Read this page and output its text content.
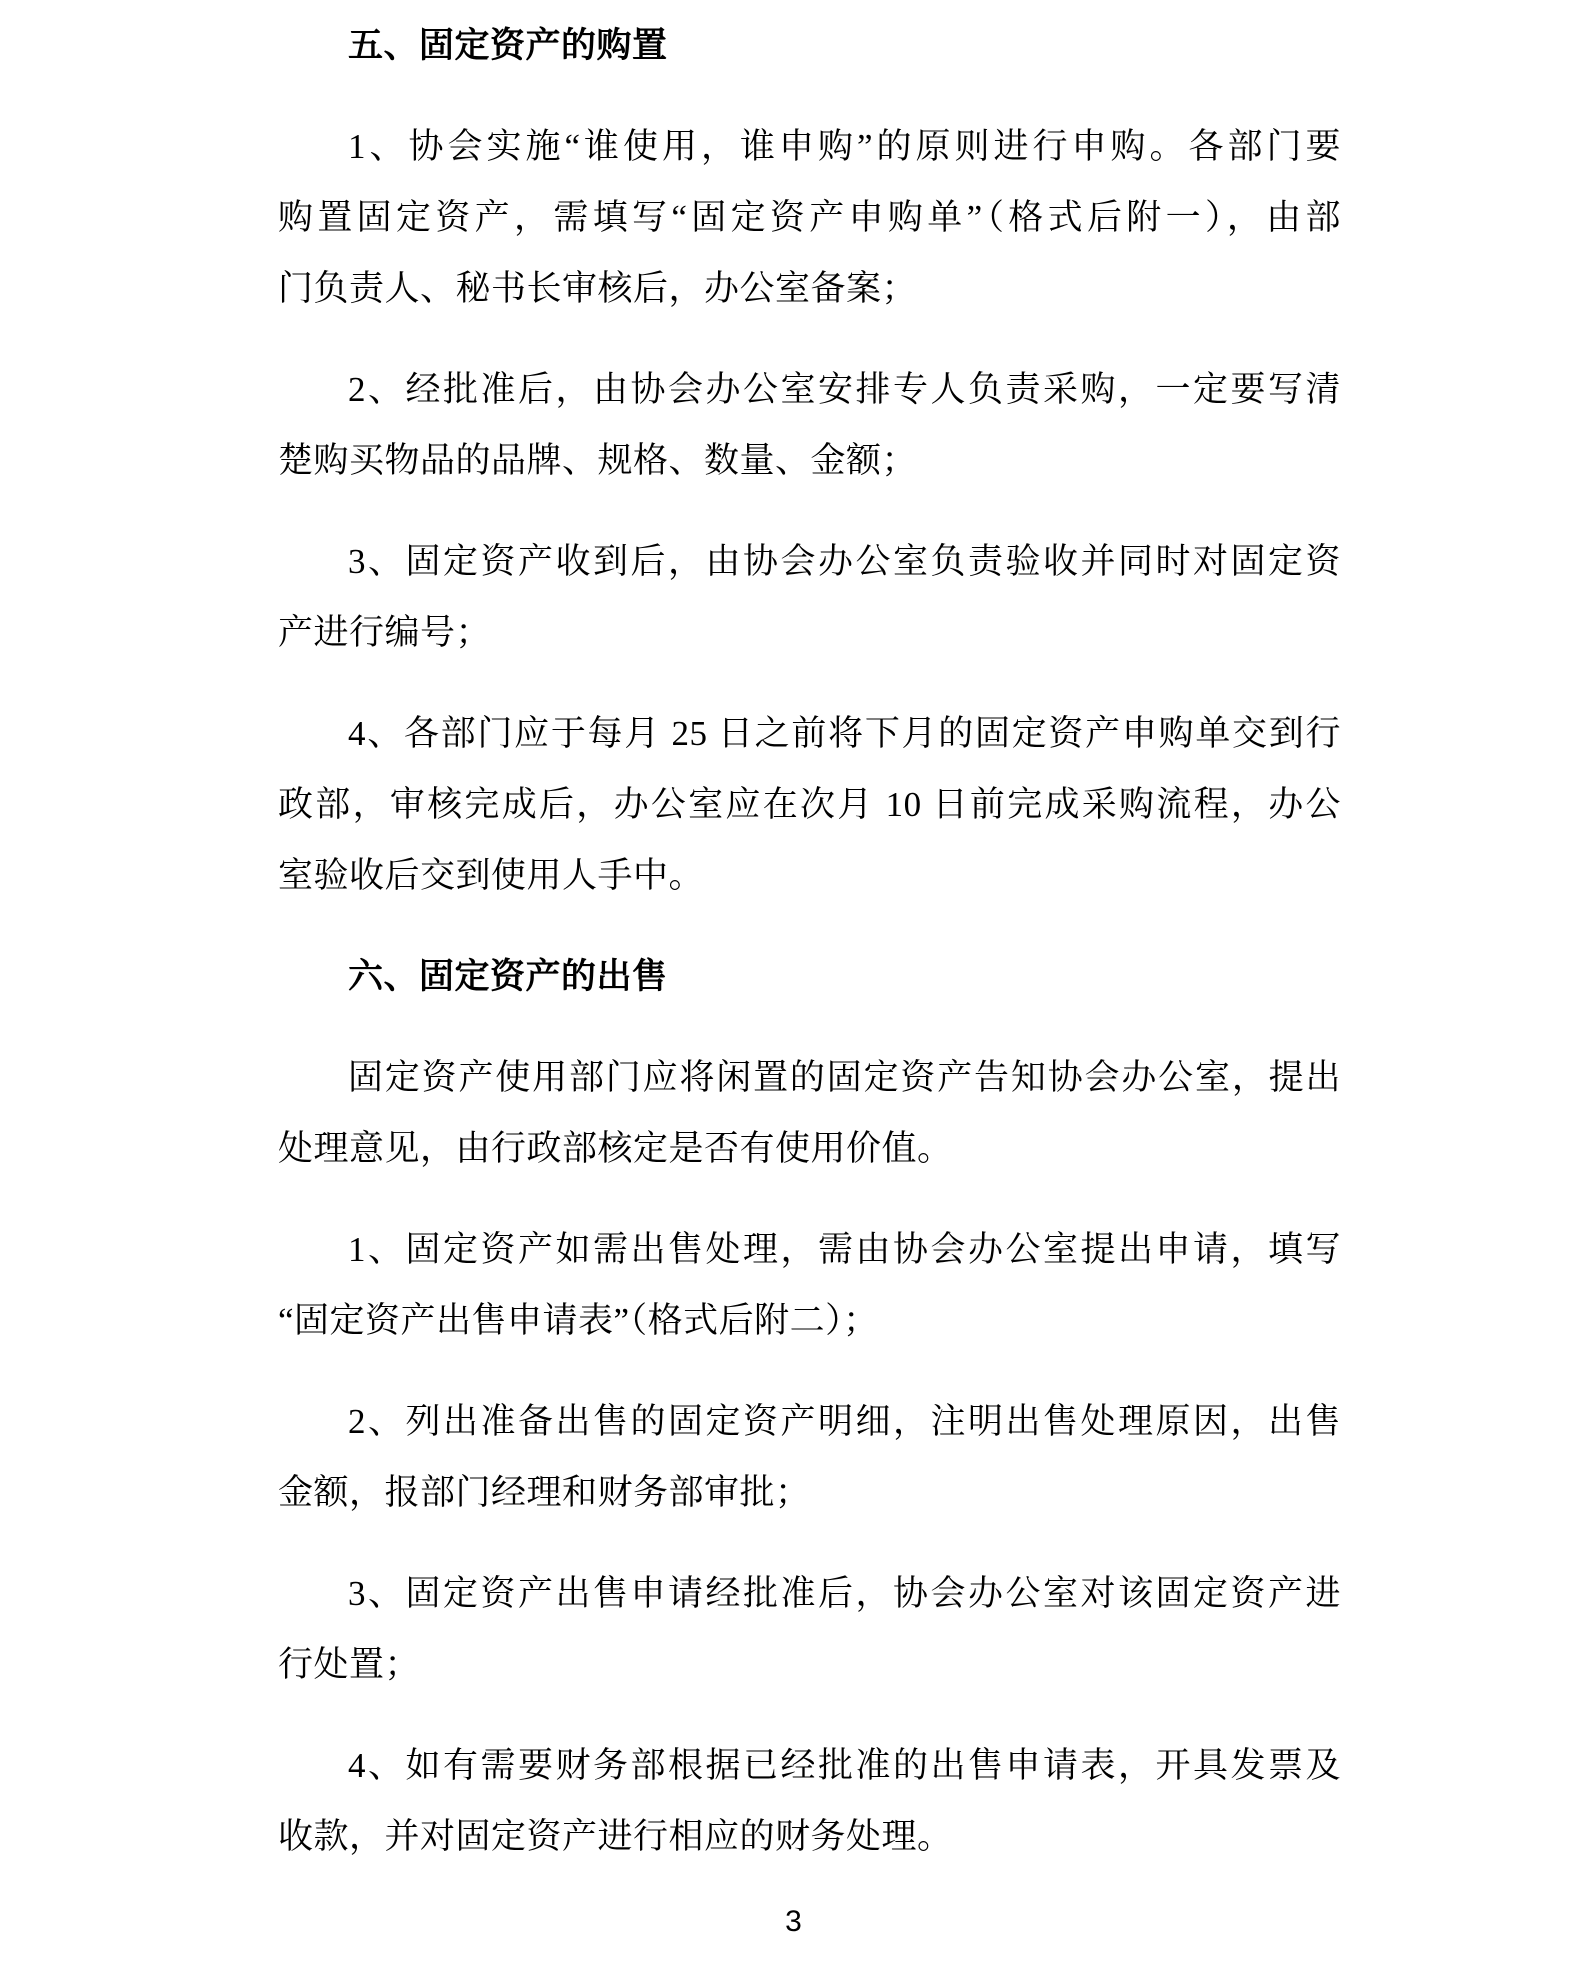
五、固定资产的购置
1、协会实施“谁使用，谁申购”的原则进行申购。各部门要
购置固定资产，需填写“固定资产申购单”（格式后附一），由部
门负责人、秘书长审核后，办公室备案；
2、经批准后，由协会办公室安排专人负责采购，一定要写清
楚购买物品的品牌、规格、数量、金额；
3、固定资产收到后，由协会办公室负责验收并同时对固定资
产进行编号；
4、各部门应于每月 25 日之前将下月的固定资产申购单交到行
政部，审核完成后，办公室应在次月 10 日前完成采购流程，办公
室验收后交到使用人手中。
六、固定资产的出售
固定资产使用部门应将闲置的固定资产告知协会办公室，提出
处理意见，由行政部核定是否有使用价值。
1、固定资产如需出售处理，需由协会办公室提出申请，填写
“固定资产出售申请表”（格式后附二）；
2、列出准备出售的固定资产明细，注明出售处理原因，出售
金额，报部门经理和财务部审批；
3、固定资产出售申请经批准后，协会办公室对该固定资产进
行处置；
4、如有需要财务部根据已经批准的出售申请表，开具发票及
收款，并对固定资产进行相应的财务处理。
3
